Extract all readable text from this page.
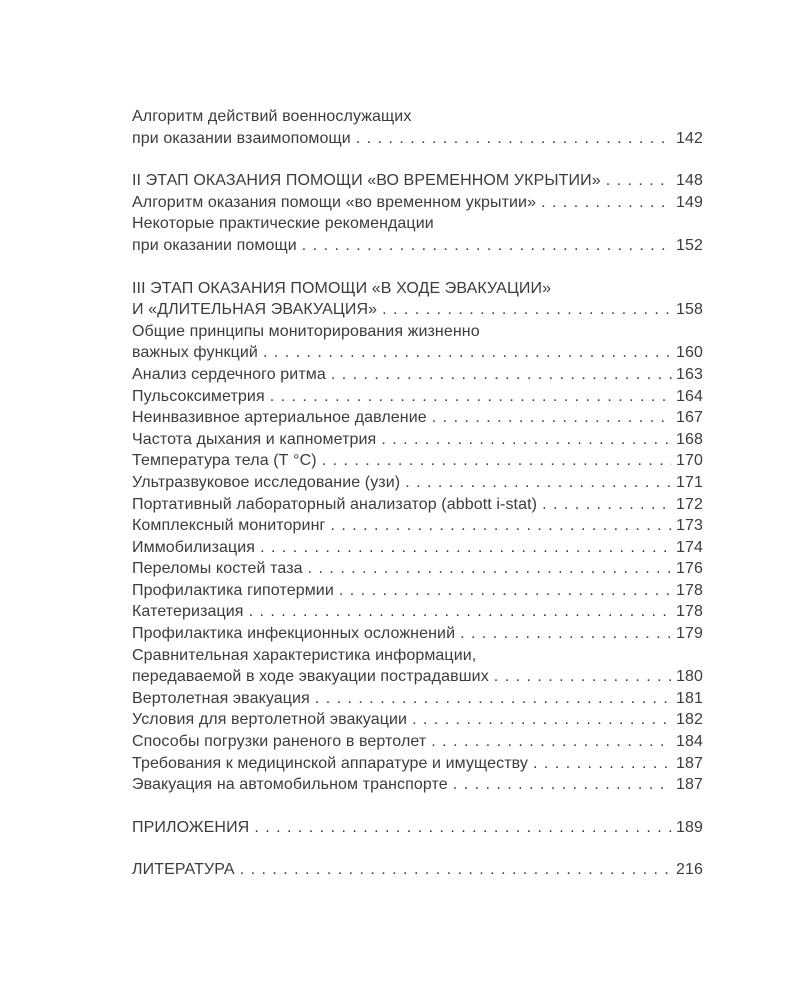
Алгоритм действий военнослужащих
при оказании взаимопомощи . . .	142
II ЭТАП ОКАЗАНИЯ ПОМОЩИ «ВО ВРЕМЕННОМ УКРЫТИИ» . . .	148
Алгоритм оказания помощи «во временном укрытии» . . .	149
Некоторые практические рекомендации
при оказании помощи . . .	152
III ЭТАП ОКАЗАНИЯ ПОМОЩИ «В ХОДЕ ЭВАКУАЦИИ»
И «ДЛИТЕЛЬНАЯ ЭВАКУАЦИЯ» . . .	158
Общие принципы мониторирования жизненно
важных функций . . .	160
Анализ сердечного ритма . . .	163
Пульсоксиметрия . . .	164
Неинвазивное артериальное давление . . .	167
Частота дыхания и капнометрия . . .	168
Температура тела (Т °С) . . .	170
Ультразвуковое исследование (узи) . . .	171
Портативный лабораторный анализатор (abbott i-stat) . . .	172
Комплексный мониторинг . . .	173
Иммобилизация . . .	174
Переломы костей таза . . .	176
Профилактика гипотермии . . .	178
Катетеризация . . .	178
Профилактика инфекционных осложнений . . .	179
Сравнительная характеристика информации,
передаваемой в ходе эвакуации пострадавших . . .	180
Вертолетная эвакуация . . .	181
Условия для вертолетной эвакуации . . .	182
Способы погрузки раненого в вертолет . . .	184
Требования к медицинской аппаратуре и имуществу . . .	187
Эвакуация на автомобильном транспорте . . .	187
ПРИЛОЖЕНИЯ . . .	189
ЛИТЕРАТУРА . . .	216
